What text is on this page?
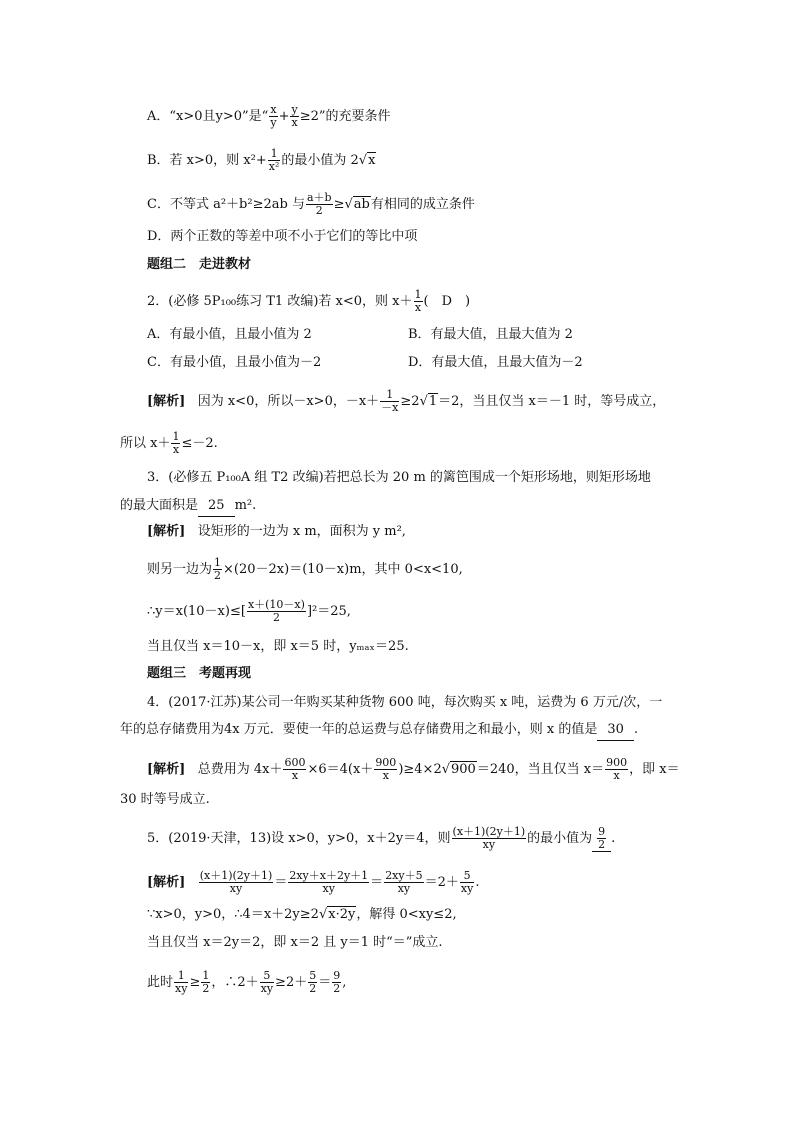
A．“x>0且y>0”是“ $\frac{x}{y} + \frac{y}{x} \ge 2$”的充要条件
B．若 x>0，则 $x^2+ \frac{1}{\text{x²}}$ 的最小值为 2√x
C．不等式 a²＋b²≥2ab 与 $\frac{a+b}{2} \ge√ab$有相同的成立条件
D．两个正数的等差中项不小于它们的等比中项
题组二　走进教材
2．(必修 5P₁₀₀练习 T1 改编)若 x<0，则 $x+ \frac{1}{x}$ (　D　)
A．有最小值，且最小值为 2	B．有最大值，且最大值为 2
C．有最小值，且最小值为－2	D．有最大值，且最大值为－2
[解析] 因为 x<0，所以－x>0，$-x+ \frac{1}{-x} \ge 2√1=2$，当且仅当 x＝－1 时，等号成立，
所以 $x+ \frac{1}{x} \le-2$.
3．(必修五 P₁₀₀A 组 T2 改编)若把总长为 20 m 的篱笆围成一个矩形场地，则矩形场地
的最大面积是 25 m².
[解析] 设矩形的一边为 x m，面积为 y m²,
则另一边为 $\frac{1}{2} \times(20-2x)=(10-x)m$，其中 0<x<10,
∴y＝x(10－x)≤[ $\frac{x+(10-x)}{2} ]^2=25$,
当且仅当 x＝10－x，即 x＝5 时，yₘₐₓ＝25.
题组三　考题再现
4．(2017·江苏)某公司一年购买某种货物 600 吨，每次购买 x 吨，运费为 6 万元/次，一
年的总存储费用为4x 万元．要使一年的总运费与总存储费用之和最小，则 x 的值是 30 .
[解析] 总费用为 $4x+ \frac{600}{x} \times 6=4(x+ \frac{900}{x} )\ge 4\times 2√900=240$，当且仅当 $x= \frac{900}{x}$ ，即 x＝
30 时等号成立.
5．(2019·天津，13)设 x>0，y>0，x＋2y＝4，则 $\frac{(x+1)(2y+1)}{xy}$ 的最小值为 $\frac{9}{2}$ .
[解析] $\frac{(x+1)(2y+1)}{xy} = \frac{2xy+x+2y+1}{xy} = \frac{2xy+5}{xy} =2+ \frac{5}{xy}$ .
∵x>0，y>0，∴4＝x＋2y≥2√x·2y，解得 0<xy≤2,
当且仅当 x＝2y＝2，即 x＝2 且 y＝1 时“＝”成立.
此时 $\frac{1}{xy} \ge \frac{1}{2}$ ，∴2＋ $\frac{5}{xy} \ge 2+ \frac{5}{2} = \frac{9}{2}$ ,
